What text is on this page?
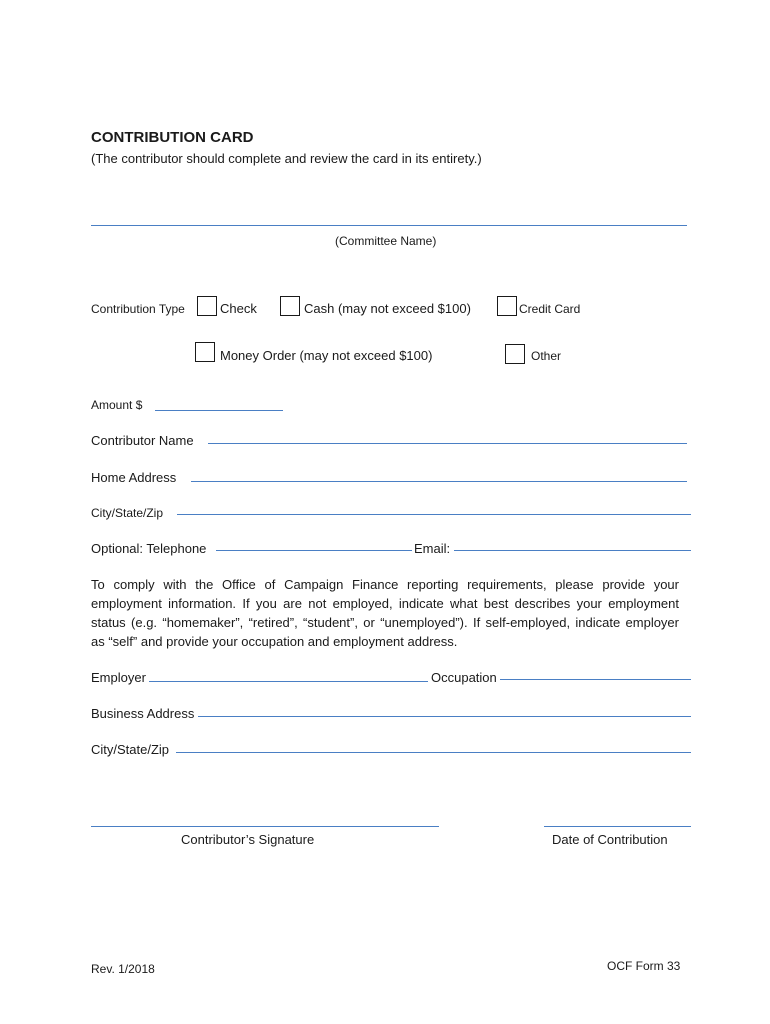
CONTRIBUTION CARD
(The contributor should complete and review the card in its entirety.)
(Committee Name)
Contribution Type	Check	Cash (may not exceed $100)	Credit Card
Money Order (may not exceed $100)	Other
Amount $
Contributor Name
Home Address
City/State/Zip
Optional: Telephone	Email:
To comply with the Office of Campaign Finance reporting requirements, please provide your employment information. If you are not employed, indicate what best describes your employment status (e.g. “homemaker”, “retired”, “student”, or “unemployed”). If self-employed, indicate employer as “self” and provide your occupation and employment address.
Employer	Occupation
Business Address
City/State/Zip
Contributor’s Signature	Date of Contribution
Rev. 1/2018	OCF Form 33
